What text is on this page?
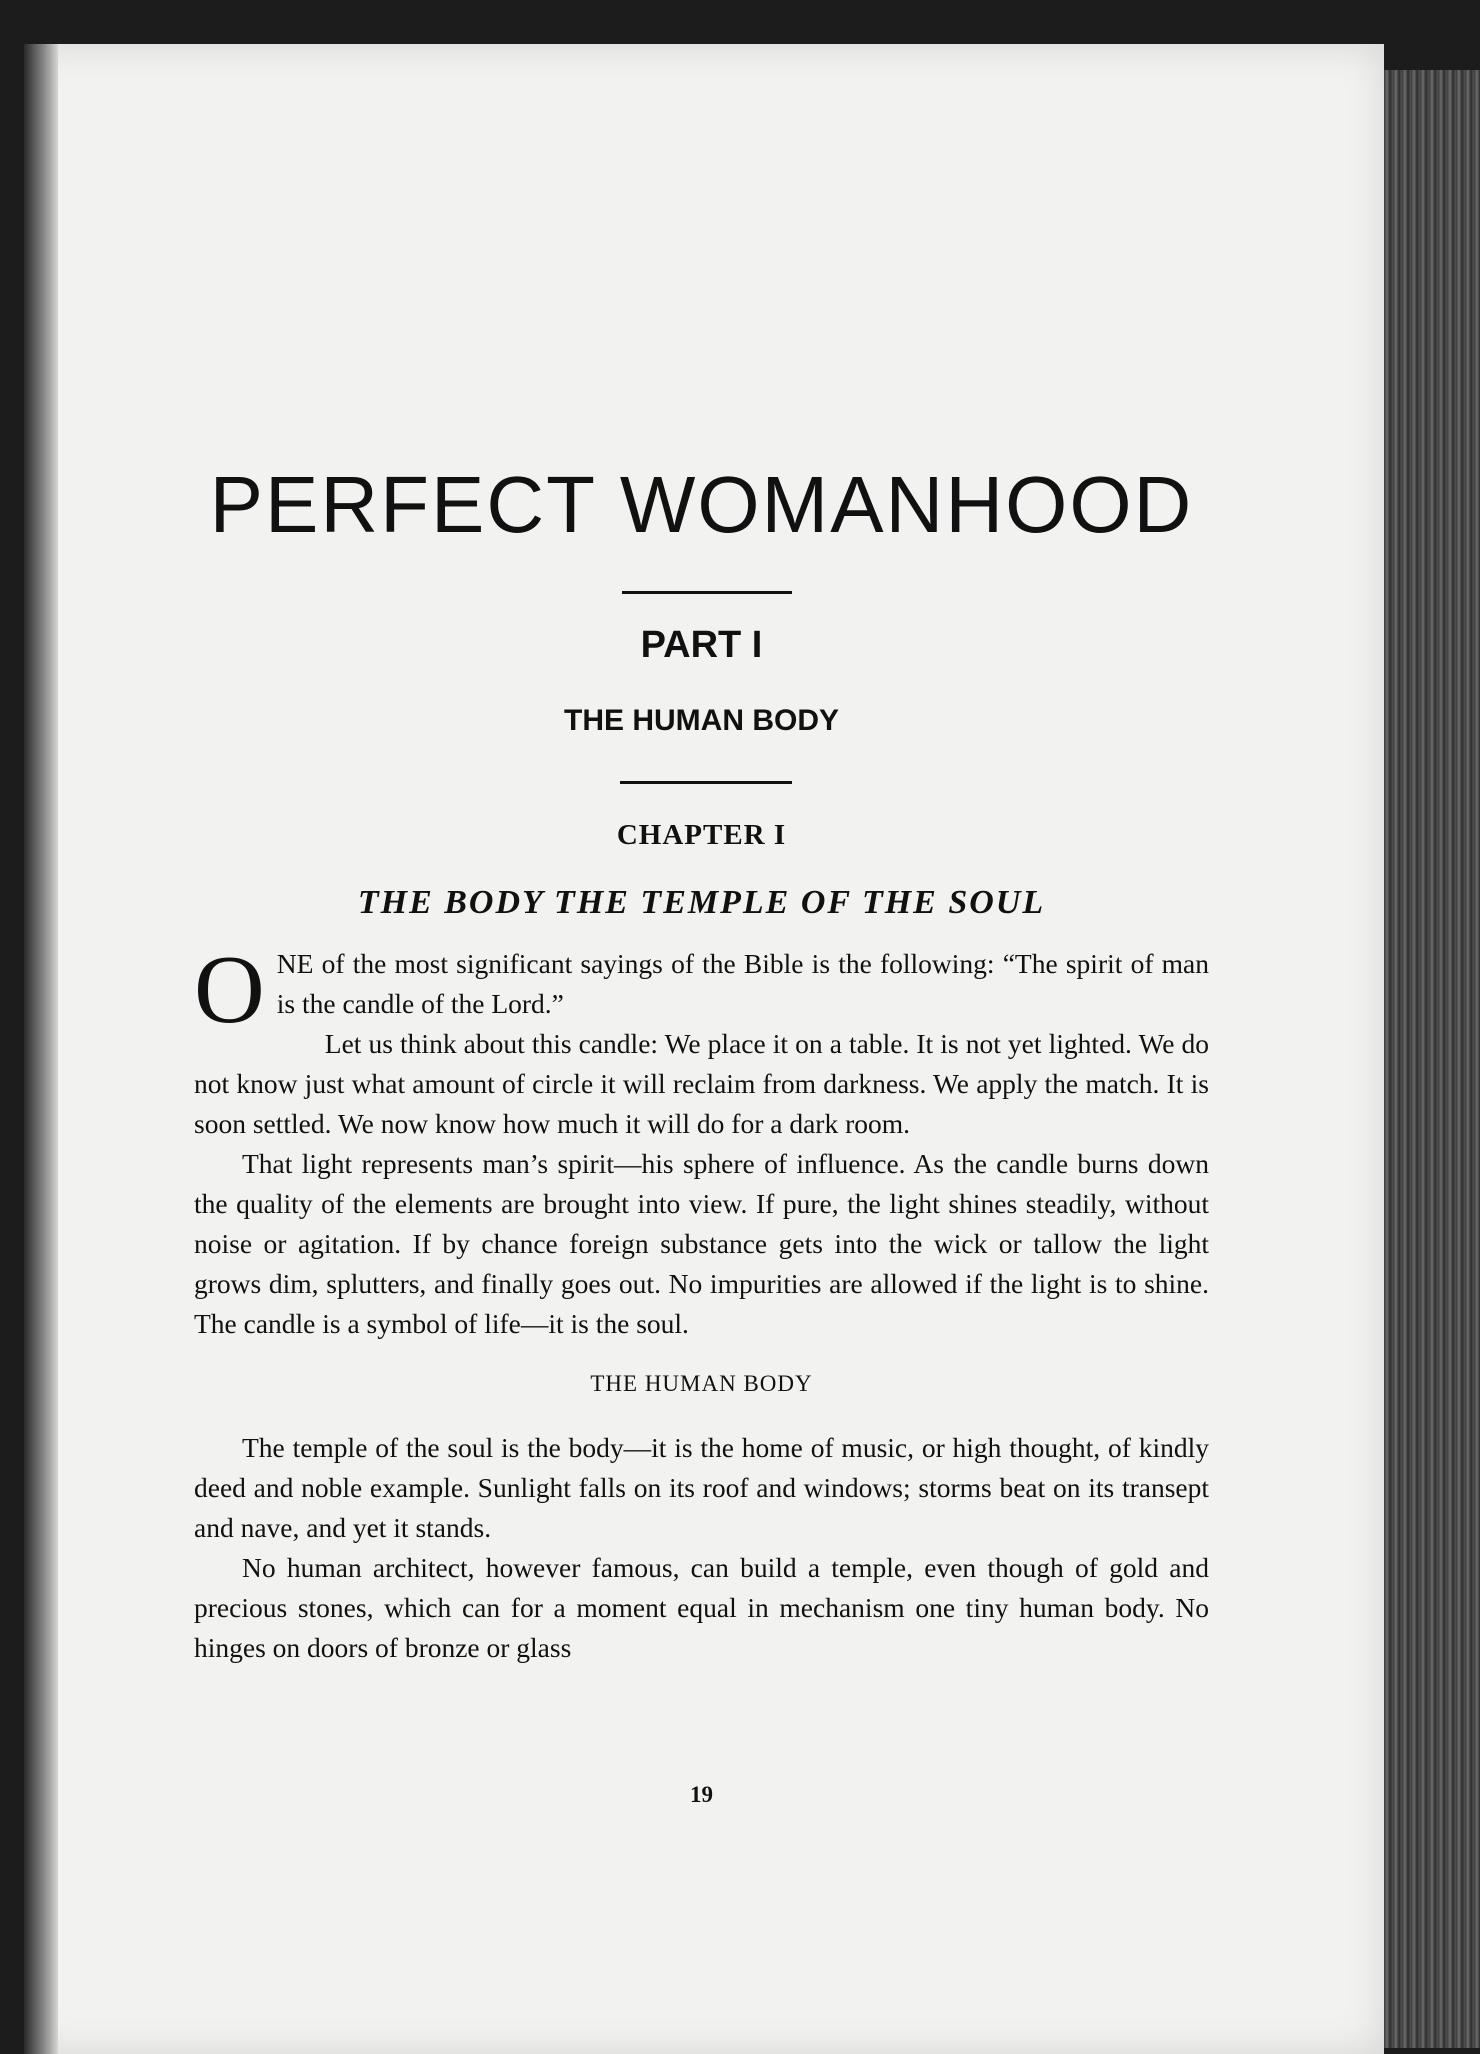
PERFECT WOMANHOOD
PART I
THE HUMAN BODY
CHAPTER I
THE BODY THE TEMPLE OF THE SOUL

ONE of the most significant sayings of the Bible is the following: “The spirit of man is the candle of the Lord.”

Let us think about this candle: We place it on a table. It is not yet lighted. We do not know just what amount of circle it will reclaim from darkness. We apply the match. It is soon settled. We now know how much it will do for a dark room.

That light represents man’s spirit—his sphere of influence. As the candle burns down the quality of the elements are brought into view. If pure, the light shines steadily, without noise or agitation. If by chance foreign substance gets into the wick or tallow the light grows dim, splutters, and finally goes out. No impurities are allowed if the light is to shine. The candle is a symbol of life—it is the soul.

THE HUMAN BODY

The temple of the soul is the body—it is the home of music, or high thought, of kindly deed and noble example. Sunlight falls on its roof and windows; storms beat on its transept and nave, and yet it stands.

No human architect, however famous, can build a temple, even though of gold and precious stones, which can for a moment equal in mechanism one tiny human body. No hinges on doors of bronze or glass

19
